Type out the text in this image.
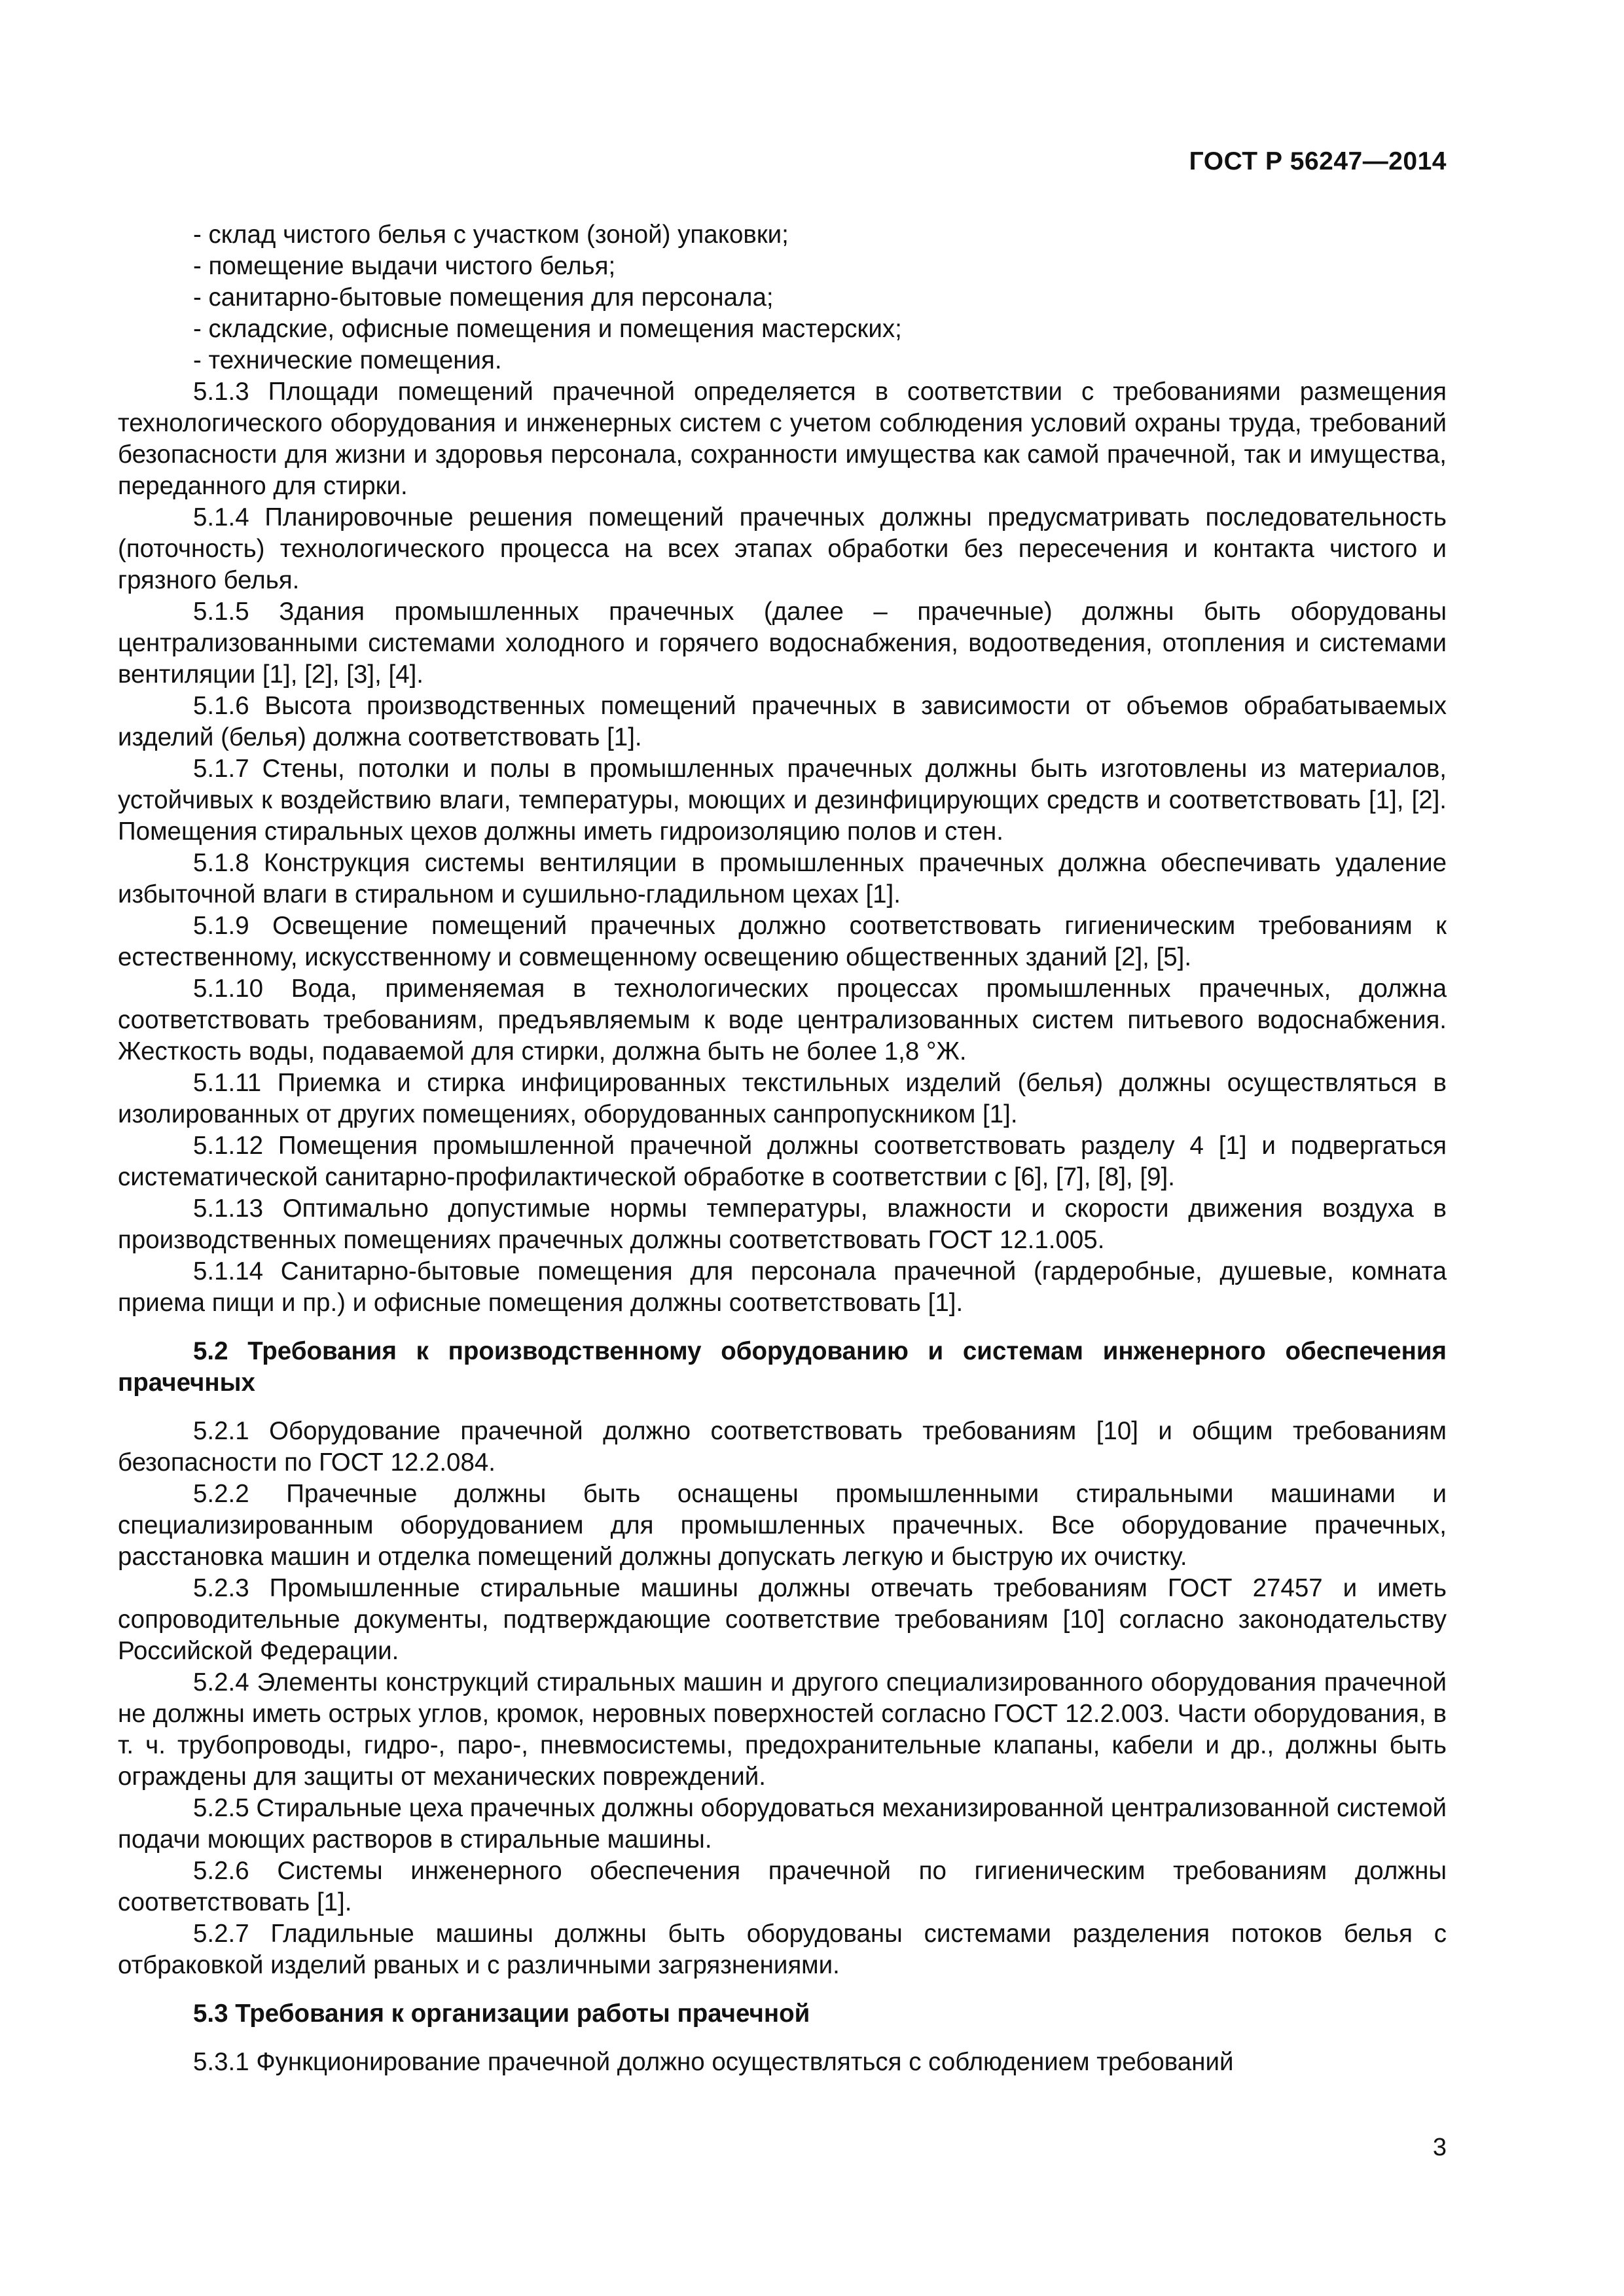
ГОСТ Р 56247—2014

- склад чистого белья с участком (зоной) упаковки;

- помещение выдачи чистого белья;

- санитарно-бытовые помещения для персонала;

- складские, офисные помещения и помещения мастерских;

- технические помещения.

5.1.3 Площади помещений прачечной определяется в соответствии с требованиями размещения технологического оборудования и инженерных систем с учетом соблюдения условий охраны труда, требований безопасности для жизни и здоровья персонала, сохранности имущества как самой прачечной, так и имущества, переданного для стирки.

5.1.4 Планировочные решения помещений прачечных должны предусматривать последовательность (поточность) технологического процесса на всех этапах обработки без пересечения и контакта чистого и грязного белья.

5.1.5 Здания промышленных прачечных (далее – прачечные) должны быть оборудованы централизованными системами холодного и горячего водоснабжения, водоотведения, отопления и системами вентиляции [1], [2], [3], [4].

5.1.6 Высота производственных помещений прачечных в зависимости от объемов обрабатываемых изделий (белья) должна соответствовать [1].

5.1.7 Стены, потолки и полы в промышленных прачечных должны быть изготовлены из материалов, устойчивых к воздействию влаги, температуры, моющих и дезинфицирующих средств и соответствовать [1], [2]. Помещения стиральных цехов должны иметь гидроизоляцию полов и стен.

5.1.8 Конструкция системы вентиляции в промышленных прачечных должна обеспечивать удаление избыточной влаги в стиральном и сушильно-гладильном цехах [1].

5.1.9 Освещение помещений прачечных должно соответствовать гигиеническим требованиям к естественному, искусственному и совмещенному освещению общественных зданий [2], [5].

5.1.10 Вода, применяемая в технологических процессах промышленных прачечных, должна соответствовать требованиям, предъявляемым к воде централизованных систем питьевого водоснабжения. Жесткость воды, подаваемой для стирки, должна быть не более 1,8 °Ж.

5.1.11 Приемка и стирка инфицированных текстильных изделий (белья) должны осуществляться в изолированных от других помещениях, оборудованных санпропускником [1].

5.1.12 Помещения промышленной прачечной должны соответствовать разделу 4 [1] и подвергаться систематической санитарно-профилактической обработке в соответствии с [6], [7], [8], [9].

5.1.13 Оптимально допустимые нормы температуры, влажности и скорости движения воздуха в производственных помещениях прачечных должны соответствовать ГОСТ 12.1.005.

5.1.14 Санитарно-бытовые помещения для персонала прачечной (гардеробные, душевые, комната приема пищи и пр.) и офисные помещения должны соответствовать [1].

5.2 Требования к производственному оборудованию и системам инженерного обеспечения прачечных

5.2.1 Оборудование прачечной должно соответствовать требованиям [10] и общим требованиям безопасности по ГОСТ 12.2.084.

5.2.2 Прачечные должны быть оснащены промышленными стиральными машинами и специализированным оборудованием для промышленных прачечных. Все оборудование прачечных, расстановка машин и отделка помещений должны допускать легкую и быструю их очистку.

5.2.3 Промышленные стиральные машины должны отвечать требованиям ГОСТ 27457 и иметь сопроводительные документы, подтверждающие соответствие требованиям [10] согласно законодательству Российской Федерации.

5.2.4 Элементы конструкций стиральных машин и другого специализированного оборудования прачечной не должны иметь острых углов, кромок, неровных поверхностей согласно ГОСТ 12.2.003. Части оборудования, в т. ч. трубопроводы, гидро-, паро-, пневмосистемы, предохранительные клапаны, кабели и др., должны быть ограждены для защиты от механических повреждений.

5.2.5 Стиральные цеха прачечных должны оборудоваться механизированной централизованной системой подачи моющих растворов в стиральные машины.

5.2.6 Системы инженерного обеспечения прачечной по гигиеническим требованиям должны соответствовать [1].

5.2.7 Гладильные машины должны быть оборудованы системами разделения потоков белья с отбраковкой изделий рваных и с различными загрязнениями.

5.3 Требования к организации работы прачечной

5.3.1 Функционирование прачечной должно осуществляться с соблюдением требований

3
